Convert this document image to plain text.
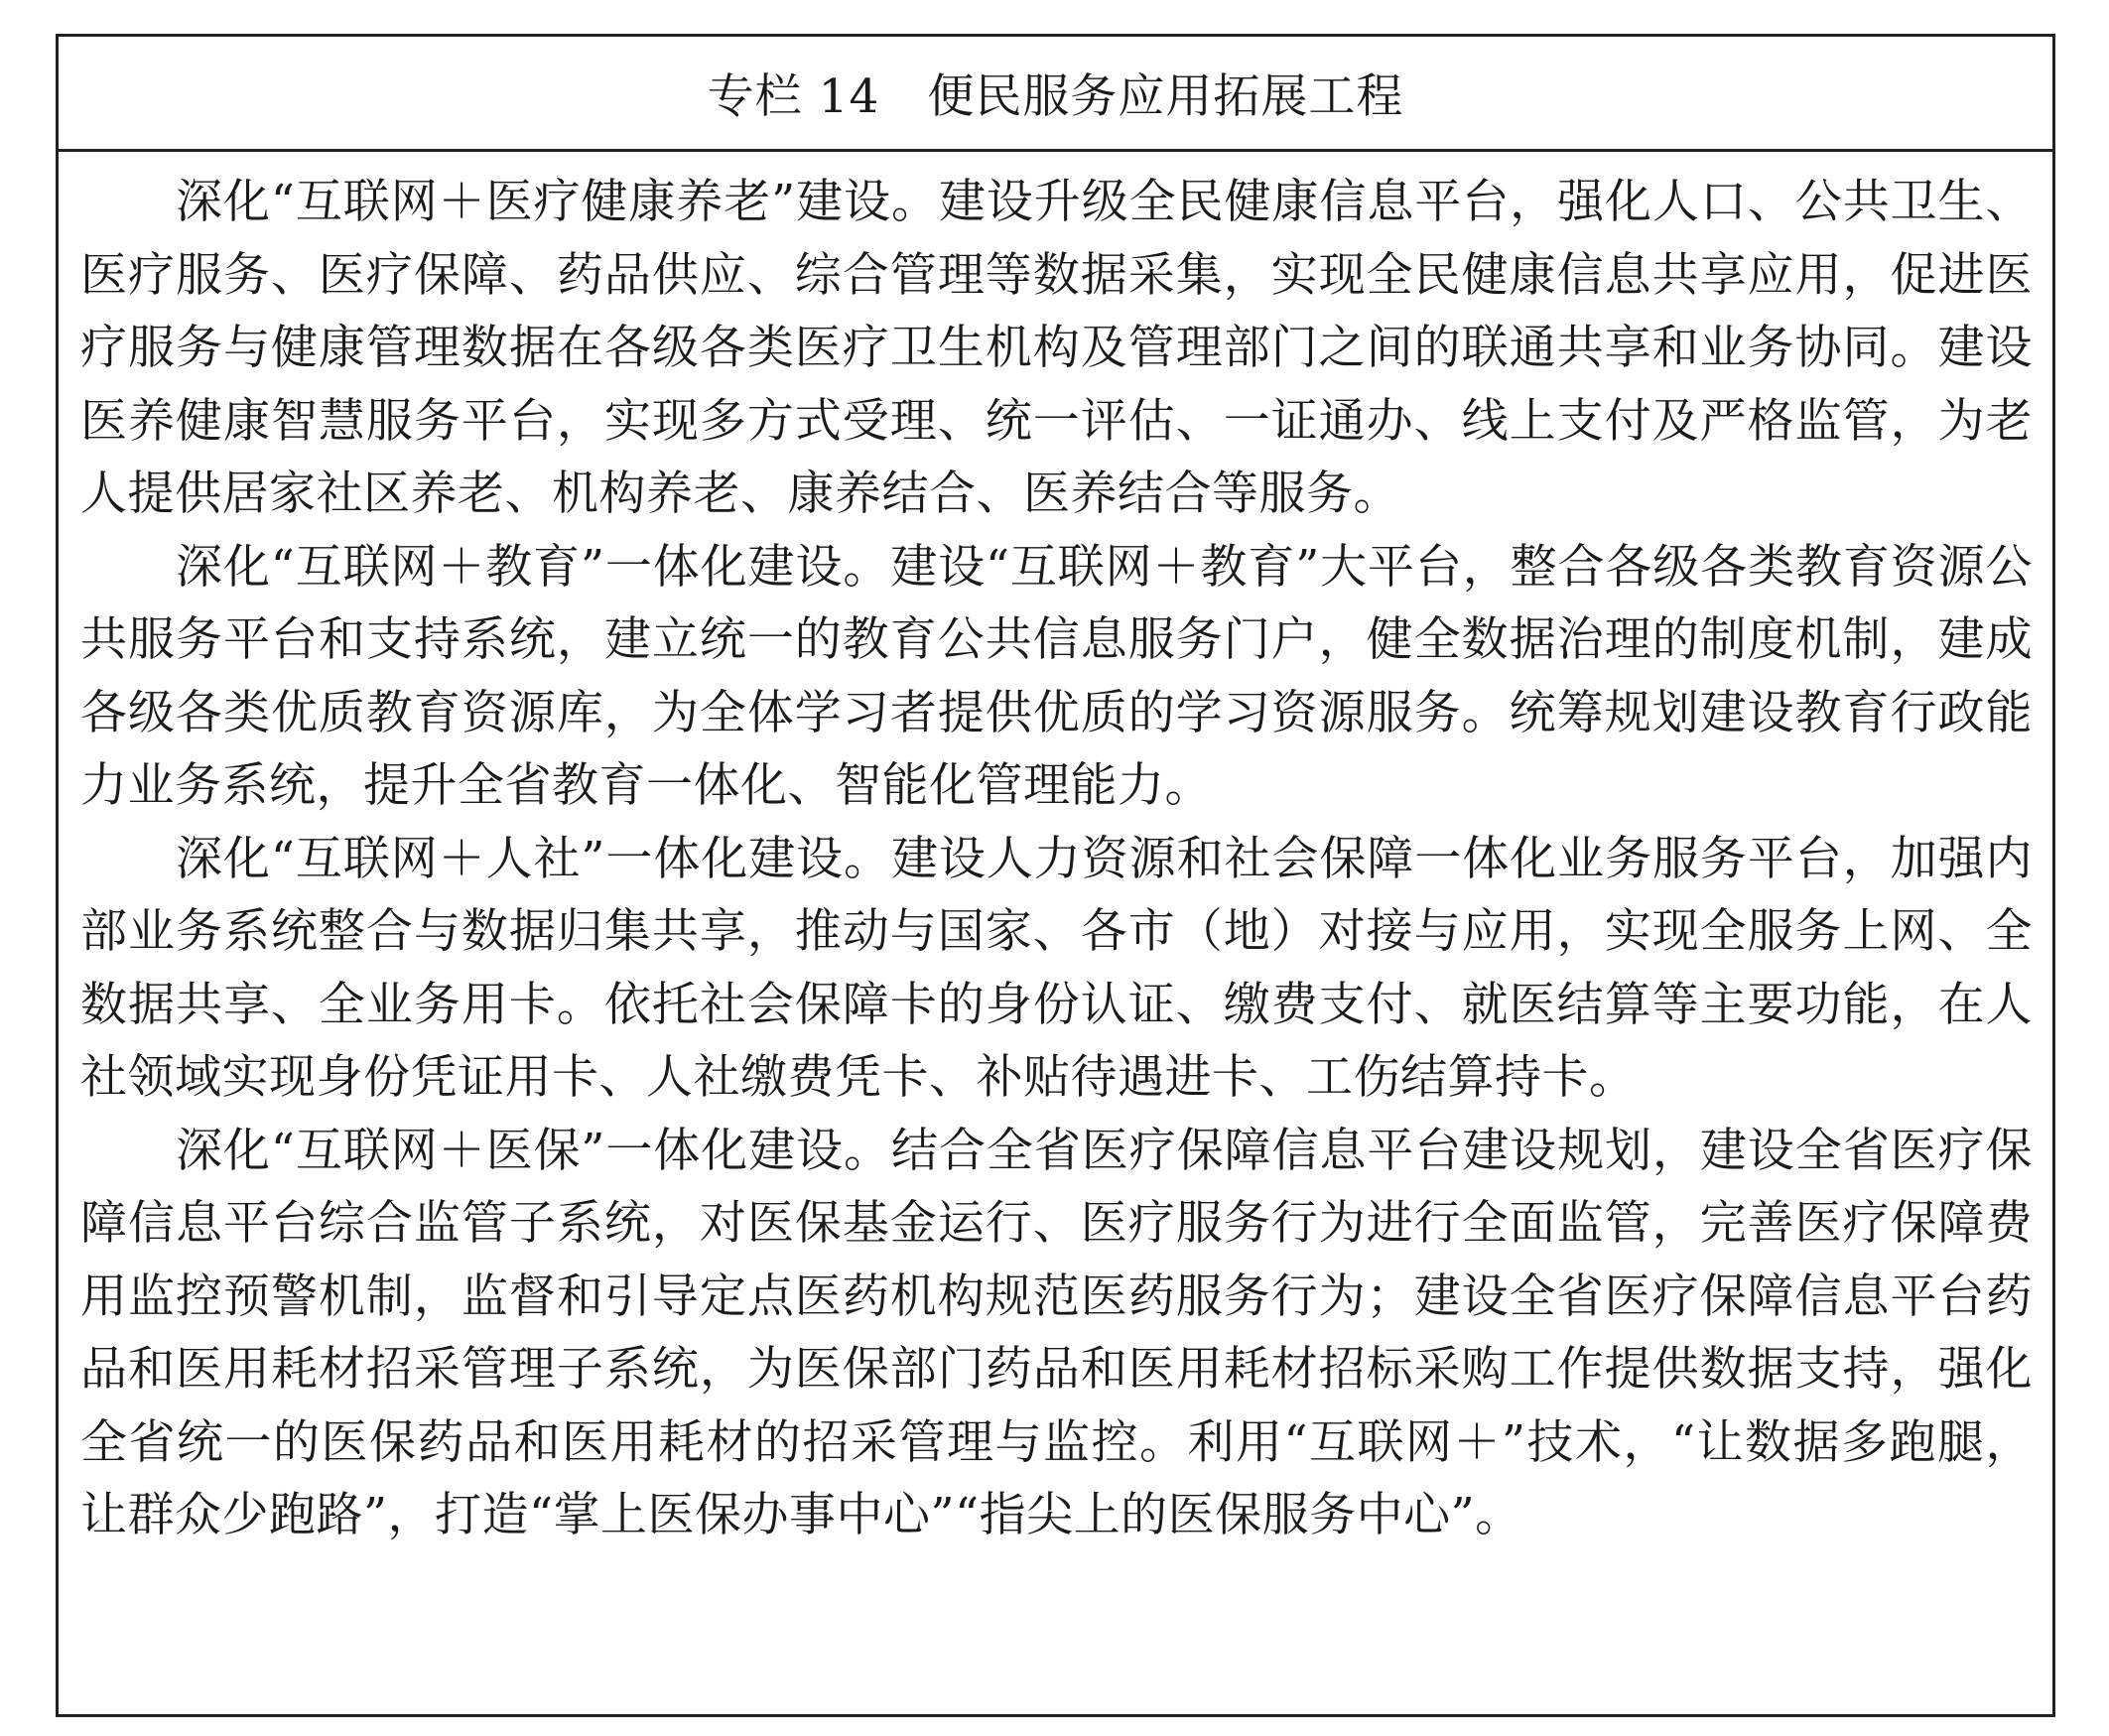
专栏 14 便民服务应用拓展工程

深化“互联网＋医疗健康养老”建设。建设升级全民健康信息平台，强化人口、公共卫生、医疗服务、医疗保障、药品供应、综合管理等数据采集，实现全民健康信息共享应用，促进医疗服务与健康管理数据在各级各类医疗卫生机构及管理部门之间的联通共享和业务协同。建设医养健康智慧服务平台，实现多方式受理、统一评估、一证通办、线上支付及严格监管，为老人提供居家社区养老、机构养老、康养结合、医养结合等服务。

深化“互联网＋教育”一体化建设。建设“互联网＋教育”大平台，整合各级各类教育资源公共服务平台和支持系统，建立统一的教育公共信息服务门户，健全数据治理的制度机制，建成各级各类优质教育资源库，为全体学习者提供优质的学习资源服务。统筹规划建设教育行政能力业务系统，提升全省教育一体化、智能化管理能力。

深化“互联网＋人社”一体化建设。建设人力资源和社会保障一体化业务服务平台，加强内部业务系统整合与数据归集共享，推动与国家、各市（地）对接与应用，实现全服务上网、全数据共享、全业务用卡。依托社会保障卡的身份认证、缴费支付、就医结算等主要功能，在人社领域实现身份凭证用卡、人社缴费凭卡、补贴待遇进卡、工伤结算持卡。

深化“互联网＋医保”一体化建设。结合全省医疗保障信息平台建设规划，建设全省医疗保障信息平台综合监管子系统，对医保基金运行、医疗服务行为进行全面监管，完善医疗保障费用监控预警机制，监督和引导定点医药机构规范医药服务行为；建设全省医疗保障信息平台药品和医用耗材招采管理子系统，为医保部门药品和医用耗材招标采购工作提供数据支持，强化全省统一的医保药品和医用耗材的招采管理与监控。利用“互联网＋”技术，“让数据多跑腿，让群众少跑路”，打造“掌上医保办事中心”“指尖上的医保服务中心”。
